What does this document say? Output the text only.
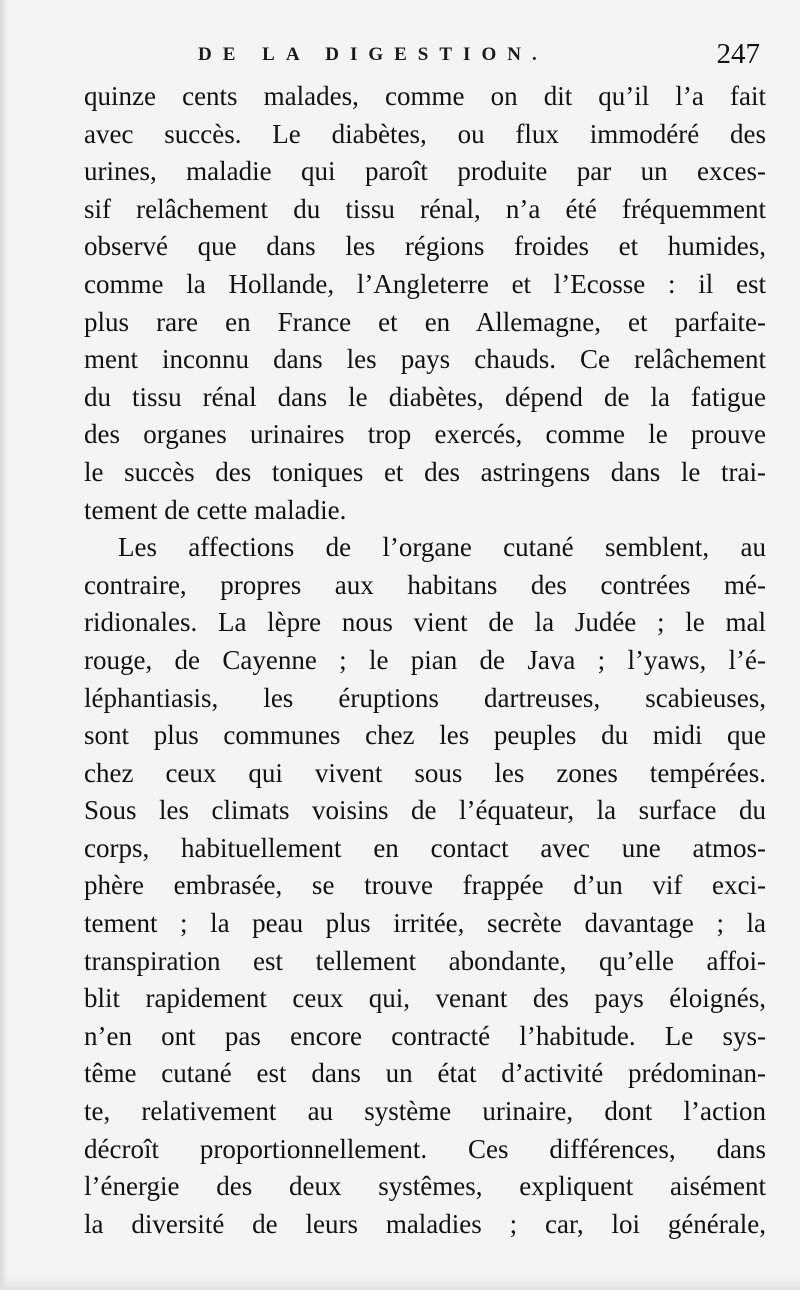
DE LA DIGESTION.	247
quinze cents malades, comme on dit qu’il l’a fait
avec succès. Le diabètes, ou flux immodéré des
urines, maladie qui paroît produite par un exces-
sif relâchement du tissu rénal, n’a été fréquemment
observé que dans les régions froides et humides,
comme la Hollande, l’Angleterre et l’Ecosse : il est
plus rare en France et en Allemagne, et parfaite-
ment inconnu dans les pays chauds. Ce relâchement
du tissu rénal dans le diabètes, dépend de la fatigue
des organes urinaires trop exercés, comme le prouve
le succès des toniques et des astringens dans le trai-
tement de cette maladie.
Les affections de l’organe cutané semblent, au
contraire, propres aux habitans des contrées mé-
ridionales. La lèpre nous vient de la Judée ; le mal
rouge, de Cayenne ; le pian de Java ; l’yaws, l’é-
léphantiasis, les éruptions dartreuses, scabieuses,
sont plus communes chez les peuples du midi que
chez ceux qui vivent sous les zones tempérées.
Sous les climats voisins de l’équateur, la surface du
corps, habituellement en contact avec une atmos-
phère embrasée, se trouve frappée d’un vif exci-
tement ; la peau plus irritée, secrète davantage ; la
transpiration est tellement abondante, qu’elle affoi-
blit rapidement ceux qui, venant des pays éloignés,
n’en ont pas encore contracté l’habitude. Le sys-
tême cutané est dans un état d’activité prédominan-
te, relativement au système urinaire, dont l’action
décroît proportionnellement. Ces différences, dans
l’énergie des deux systêmes, expliquent aisément
la diversité de leurs maladies ; car, loi générale,
